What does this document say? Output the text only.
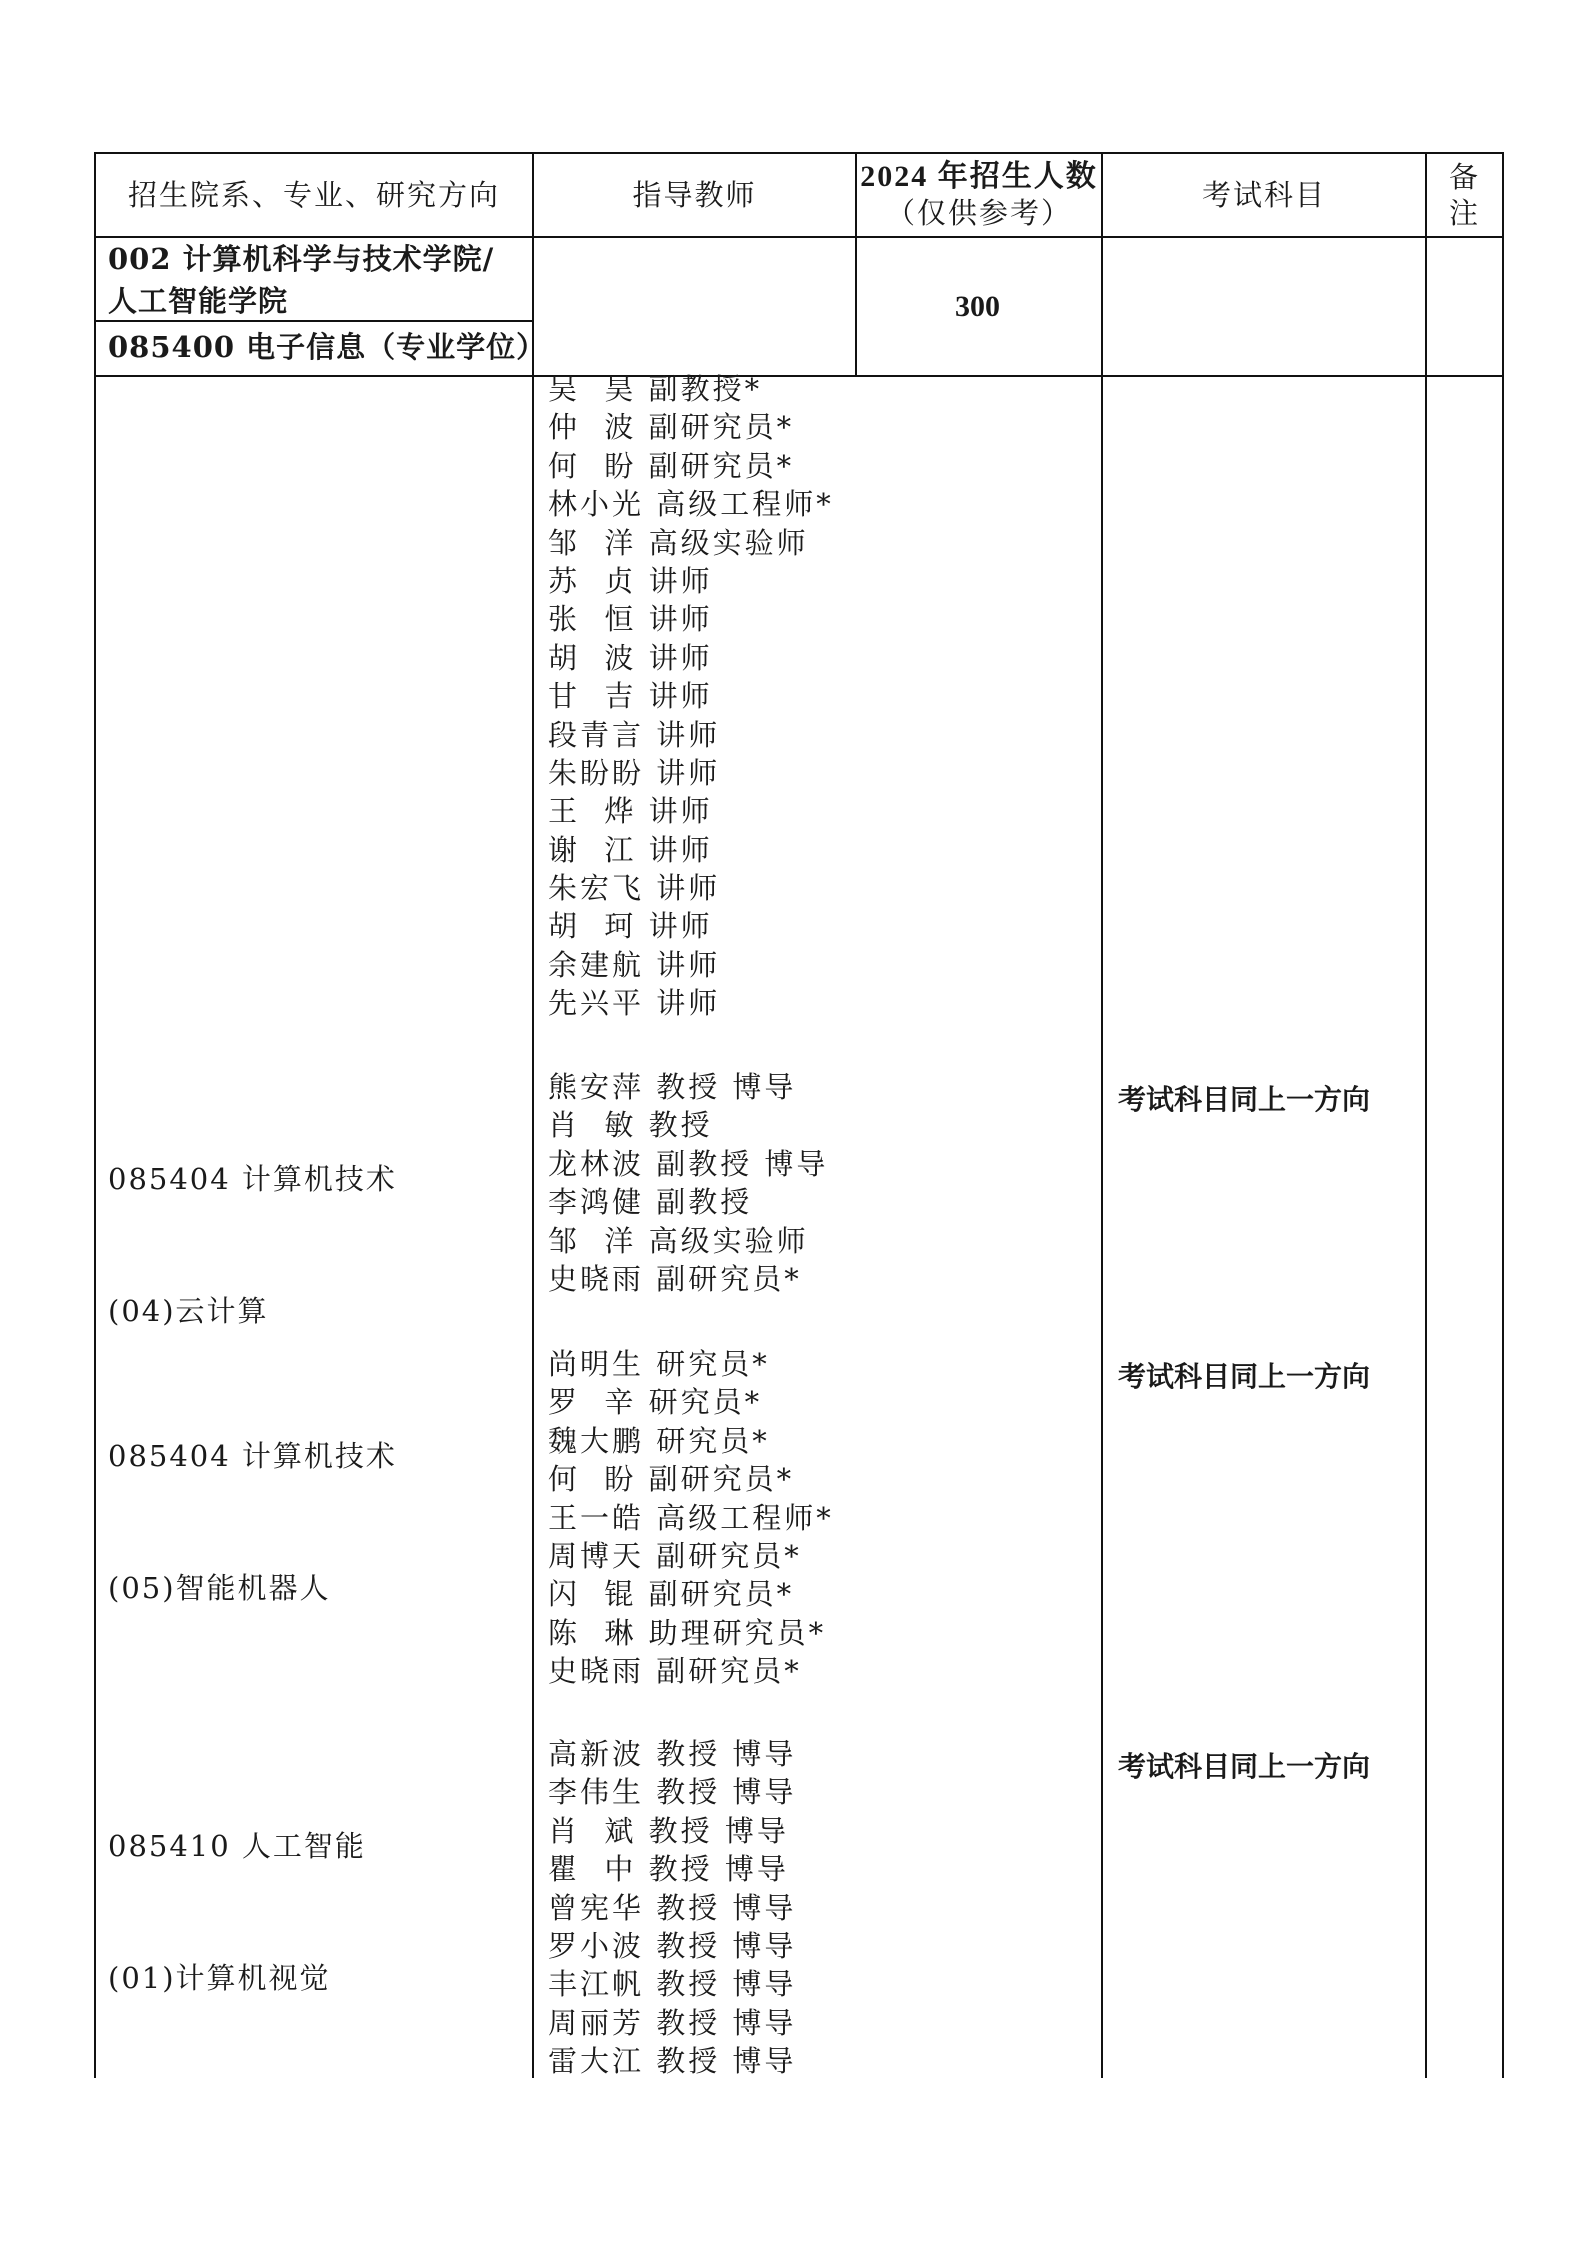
招生院系、专业、研究方向	指导教师
2024 年招生人数
（仅供参考）
考试科目
备
注
002 计算机科学与技术学院/
人工智能学院
085400 电子信息（专业学位）
300
吴  昊 副教授*
仲  波 副研究员*
何  盼 副研究员*
林小光 高级工程师*
邹  洋 高级实验师
苏  贞 讲师
张  恒 讲师
胡  波 讲师
甘  吉 讲师
段青言 讲师
朱盼盼 讲师
王  烨 讲师
谢  江 讲师
朱宏飞 讲师
胡  珂 讲师
余建航 讲师
先兴平 讲师

085404 计算机技术

(04)云计算

熊安萍 教授 博导
肖  敏 教授
龙林波 副教授 博导
李鸿健 副教授
邹  洋 高级实验师
史晓雨 副研究员*
考试科目同上一方向

085404 计算机技术

(05)智能机器人

尚明生 研究员*
罗  辛 研究员*
魏大鹏 研究员*
何  盼 副研究员*
王一皓 高级工程师*
周博天 副研究员*
闪  锟 副研究员*
陈  琳 助理研究员*
史晓雨 副研究员*
考试科目同上一方向

085410 人工智能

(01)计算机视觉

高新波 教授 博导
李伟生 教授 博导
肖  斌 教授 博导
瞿  中 教授 博导
曾宪华 教授 博导
罗小波 教授 博导
丰江帆 教授 博导
周丽芳 教授 博导
雷大江 教授 博导
考试科目同上一方向
